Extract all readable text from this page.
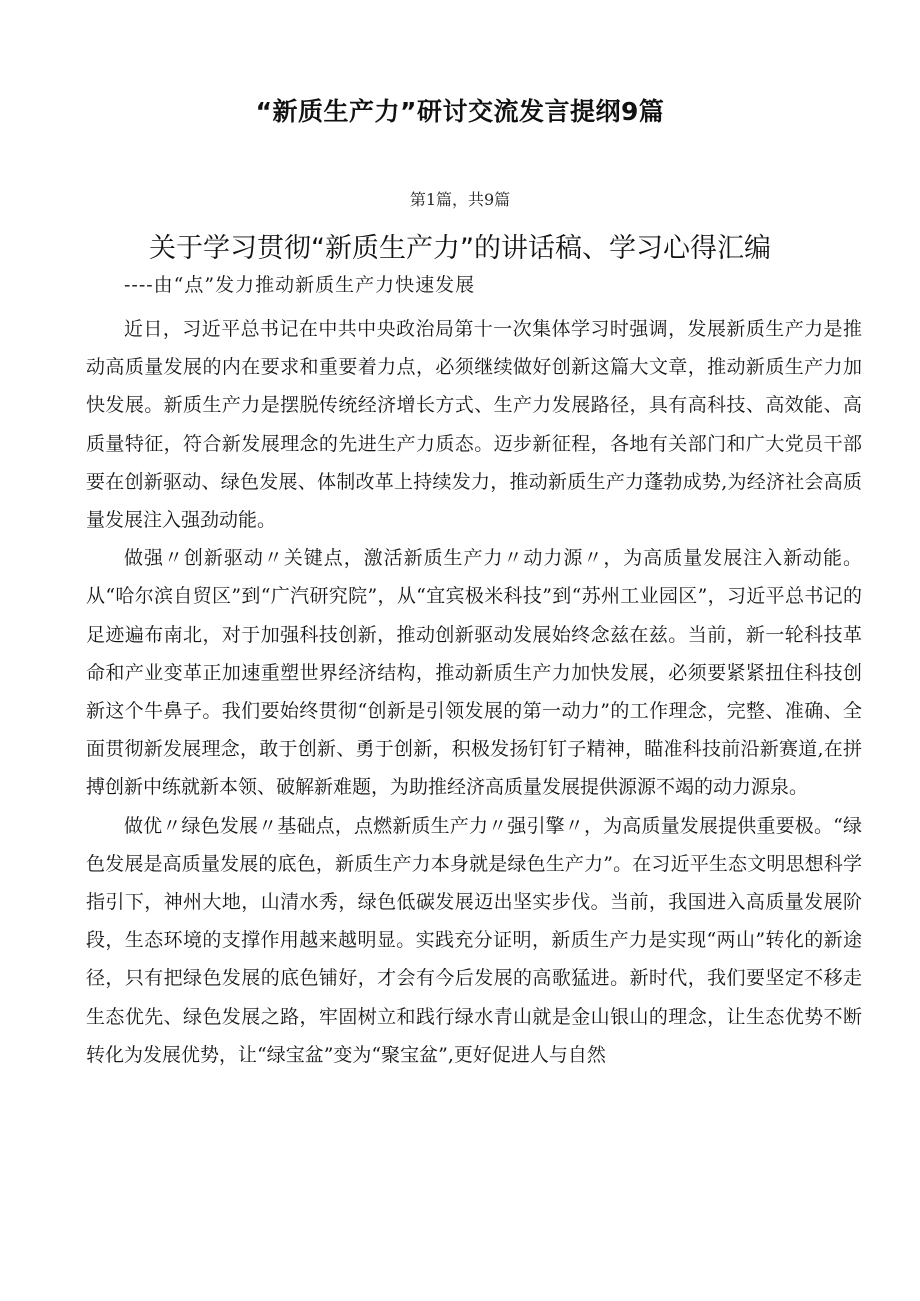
“新质生产力”研讨交流发言提纲9篇
第1篇，共9篇
关于学习贯彻“新质生产力”的讲话稿、学习心得汇编
----由“点”发力推动新质生产力快速发展

近日，习近平总书记在中共中央政治局第十一次集体学习时强调，发展新质生产力是推动高质量发展的内在要求和重要着力点，必须继续做好创新这篇大文章，推动新质生产力加快发展。新质生产力是摆脱传统经济增长方式、生产力发展路径，具有高科技、高效能、高质量特征，符合新发展理念的先进生产力质态。迈步新征程，各地有关部门和广大党员干部要在创新驱动、绿色发展、体制改革上持续发力，推动新质生产力蓬勃成势,为经济社会高质量发展注入强劲动能。

做强〃创新驱动〃关键点，激活新质生产力〃动力源〃，为高质量发展注入新动能。从“哈尔滨自贸区”到“广汽研究院”，从“宜宾极米科技”到“苏州工业园区”，习近平总书记的足迹遍布南北，对于加强科技创新，推动创新驱动发展始终念兹在兹。当前，新一轮科技革命和产业变革正加速重塑世界经济结构，推动新质生产力加快发展，必须要紧紧扭住科技创新这个牛鼻子。我们要始终贯彻“创新是引领发展的第一动力”的工作理念，完整、准确、全面贯彻新发展理念，敢于创新、勇于创新，积极发扬钉钉子精神，瞄准科技前沿新赛道,在拼搏创新中练就新本领、破解新难题，为助推经济高质量发展提供源源不竭的动力源泉。

做优〃绿色发展〃基础点，点燃新质生产力〃强引擎〃，为高质量发展提供重要极。“绿色发展是高质量发展的底色，新质生产力本身就是绿色生产力”。在习近平生态文明思想科学指引下，神州大地，山清水秀，绿色低碳发展迈出坚实步伐。当前，我国进入高质量发展阶段，生态环境的支撑作用越来越明显。实践充分证明，新质生产力是实现“两山”转化的新途径，只有把绿色发展的底色铺好，才会有今后发展的高歌猛进。新时代，我们要坚定不移走生态优先、绿色发展之路，牢固树立和践行绿水青山就是金山银山的理念，让生态优势不断转化为发展优势，让“绿宝盆”变为“聚宝盆”,更好促进人与自然
